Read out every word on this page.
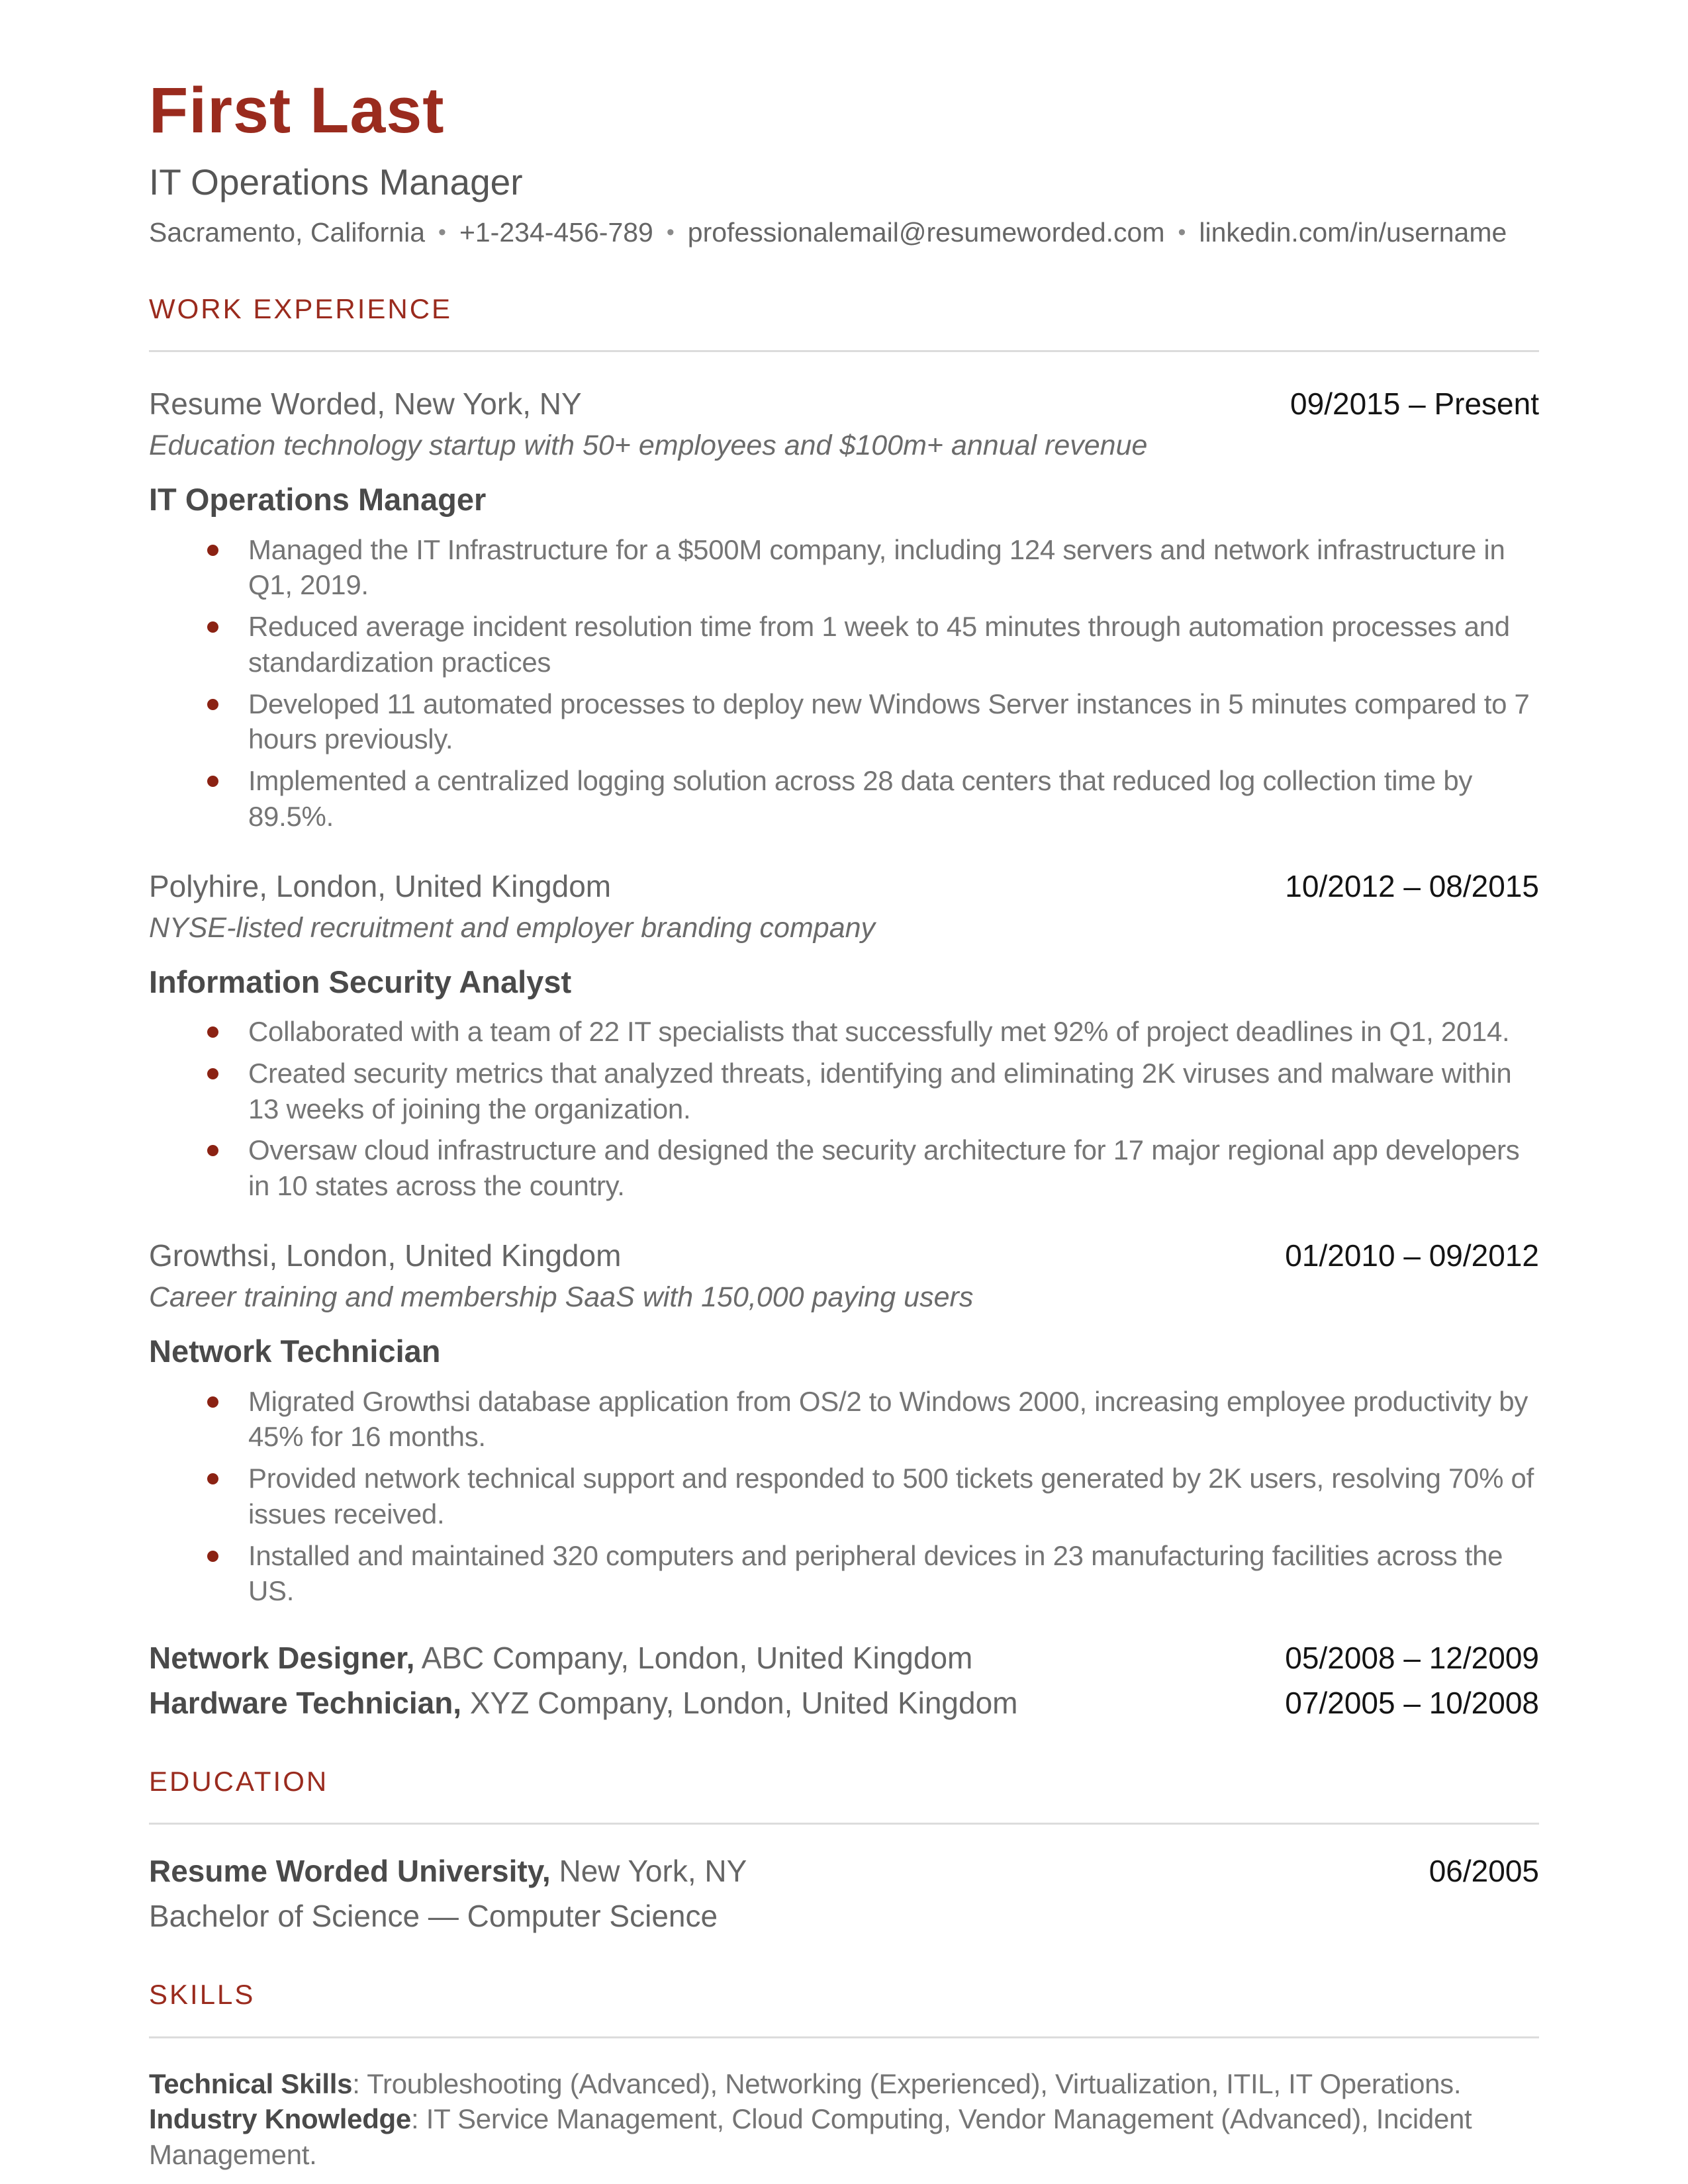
First Last
IT Operations Manager
Sacramento, California • +1-234-456-789 • professionalemail@resumeworded.com • linkedin.com/in/username
WORK EXPERIENCE
Resume Worded, New York, NY	09/2015 – Present
Education technology startup with 50+ employees and $100m+ annual revenue
IT Operations Manager
Managed the IT Infrastructure for a $500M company, including 124 servers and network infrastructure in Q1, 2019.
Reduced average incident resolution time from 1 week to 45 minutes through automation processes and standardization practices
Developed 11 automated processes to deploy new Windows Server instances in 5 minutes compared to 7 hours previously.
Implemented a centralized logging solution across 28 data centers that reduced log collection time by 89.5%.
Polyhire, London, United Kingdom	10/2012 – 08/2015
NYSE-listed recruitment and employer branding company
Information Security Analyst
Collaborated with a team of 22 IT specialists that successfully met 92% of project deadlines in Q1, 2014.
Created security metrics that analyzed threats, identifying and eliminating 2K viruses and malware within 13 weeks of joining the organization.
Oversaw cloud infrastructure and designed the security architecture for 17 major regional app developers in 10 states across the country.
Growthsi, London, United Kingdom	01/2010 – 09/2012
Career training and membership SaaS with 150,000 paying users
Network Technician
Migrated Growthsi database application from OS/2 to Windows 2000, increasing employee productivity by 45% for 16 months.
Provided network technical support and responded to 500 tickets generated by 2K users, resolving 70% of issues received.
Installed and maintained 320 computers and peripheral devices in 23 manufacturing facilities across the US.
Network Designer, ABC Company, London, United Kingdom	05/2008 – 12/2009
Hardware Technician, XYZ Company, London, United Kingdom	07/2005 – 10/2008
EDUCATION
Resume Worded University, New York, NY	06/2005
Bachelor of Science — Computer Science
SKILLS

Technical Skills: Troubleshooting (Advanced), Networking (Experienced), Virtualization, ITIL, IT Operations.

Industry Knowledge: IT Service Management, Cloud Computing, Vendor Management (Advanced), Incident Management.
